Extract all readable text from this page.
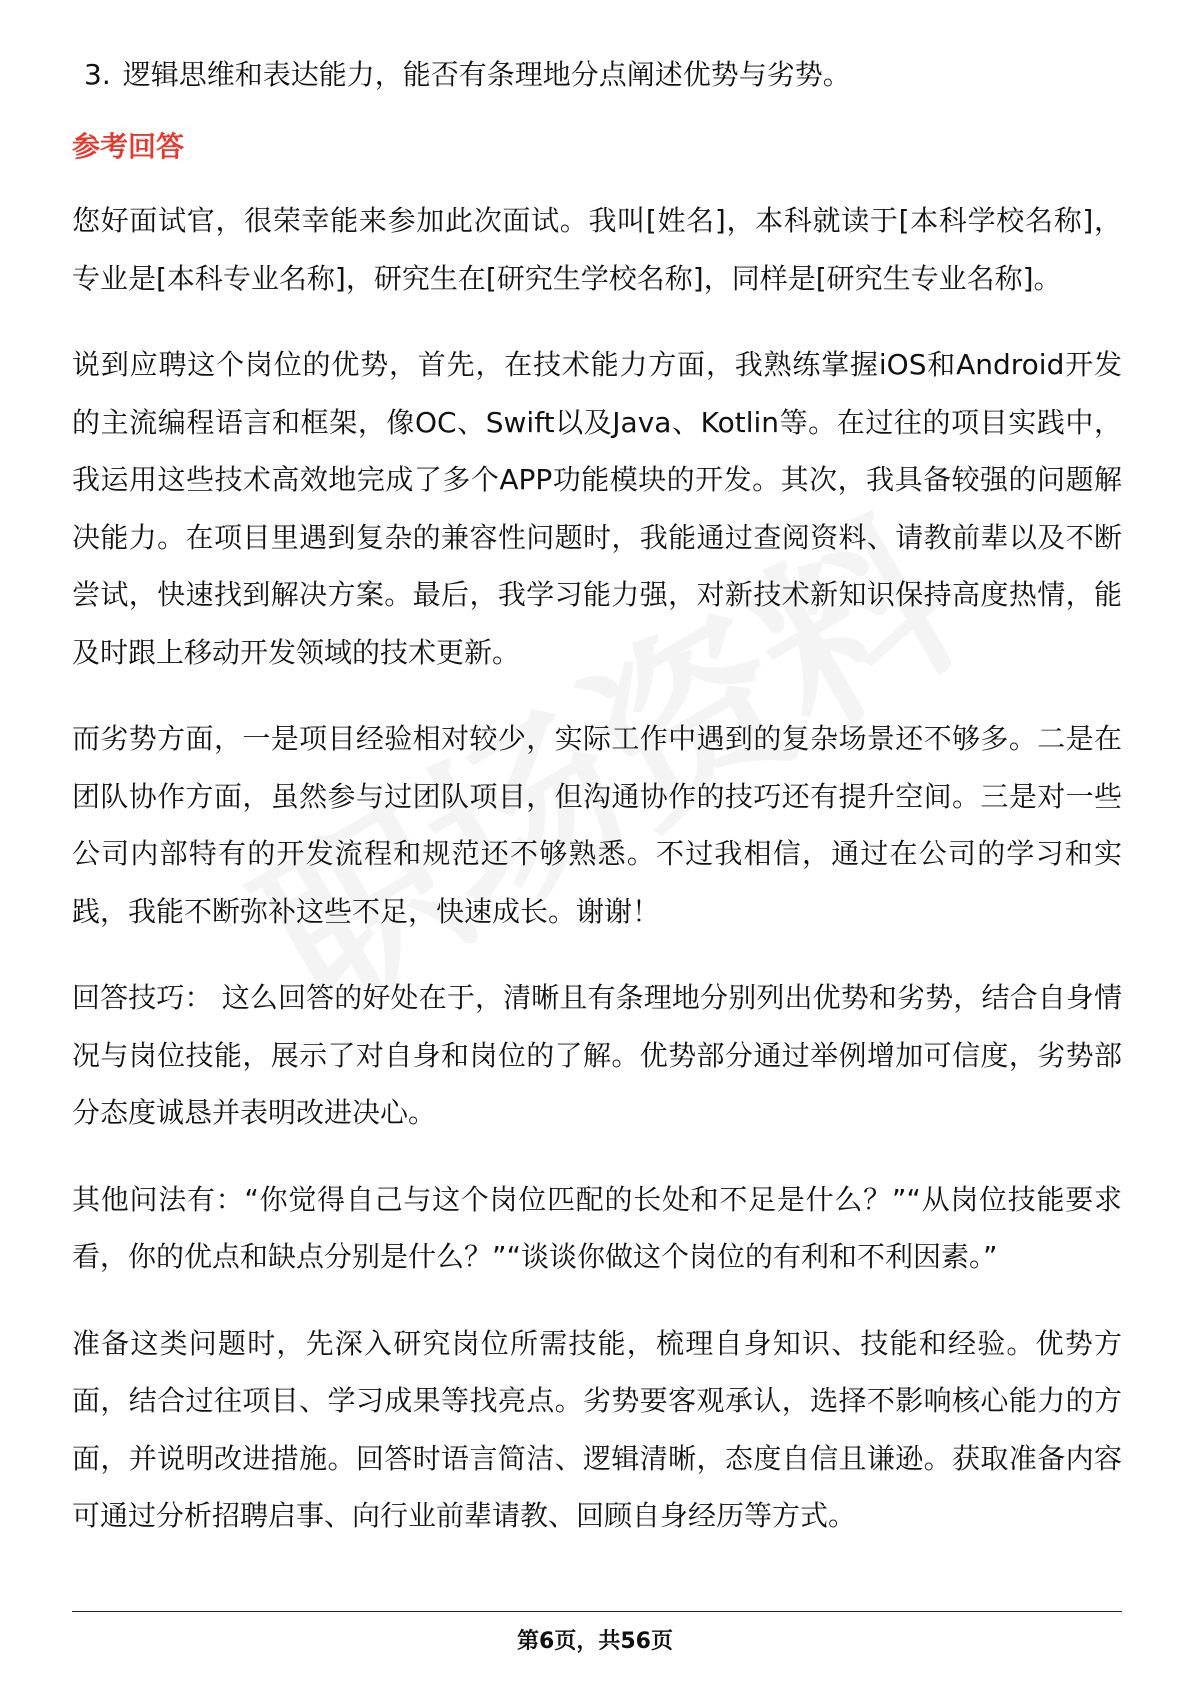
3. 逻辑思维和表达能力，能否有条理地分点阐述优势与劣势。

参考回答

您好面试官，很荣幸能来参加此次面试。我叫[姓名]，本科就读于[本科学校名称]，专业是[本科专业名称]，研究生在[研究生学校名称]，同样是[研究生专业名称]。

说到应聘这个岗位的优势，首先，在技术能力方面，我熟练掌握iOS和Android开发的主流编程语言和框架，像OC、Swift以及Java、Kotlin等。在过往的项目实践中，我运用这些技术高效地完成了多个APP功能模块的开发。其次，我具备较强的问题解决能力。在项目里遇到复杂的兼容性问题时，我能通过查阅资料、请教前辈以及不断尝试，快速找到解决方案。最后，我学习能力强，对新技术新知识保持高度热情，能及时跟上移动开发领域的技术更新。

而劣势方面，一是项目经验相对较少，实际工作中遇到的复杂场景还不够多。二是在团队协作方面，虽然参与过团队项目，但沟通协作的技巧还有提升空间。三是对一些公司内部特有的开发流程和规范还不够熟悉。不过我相信，通过在公司的学习和实践，我能不断弥补这些不足，快速成长。谢谢！

回答技巧： 这么回答的好处在于，清晰且有条理地分别列出优势和劣势，结合自身情况与岗位技能，展示了对自身和岗位的了解。优势部分通过举例增加可信度，劣势部分态度诚恳并表明改进决心。

其他问法有：“你觉得自己与这个岗位匹配的长处和不足是什么？”“从岗位技能要求看，你的优点和缺点分别是什么？”“谈谈你做这个岗位的有利和不利因素。”

准备这类问题时，先深入研究岗位所需技能，梳理自身知识、技能和经验。优势方面，结合过往项目、学习成果等找亮点。劣势要客观承认，选择不影响核心能力的方面，并说明改进措施。回答时语言简洁、逻辑清晰，态度自信且谦逊。获取准备内容可通过分析招聘启事、向行业前辈请教、回顾自身经历等方式。

第6页，共56页
